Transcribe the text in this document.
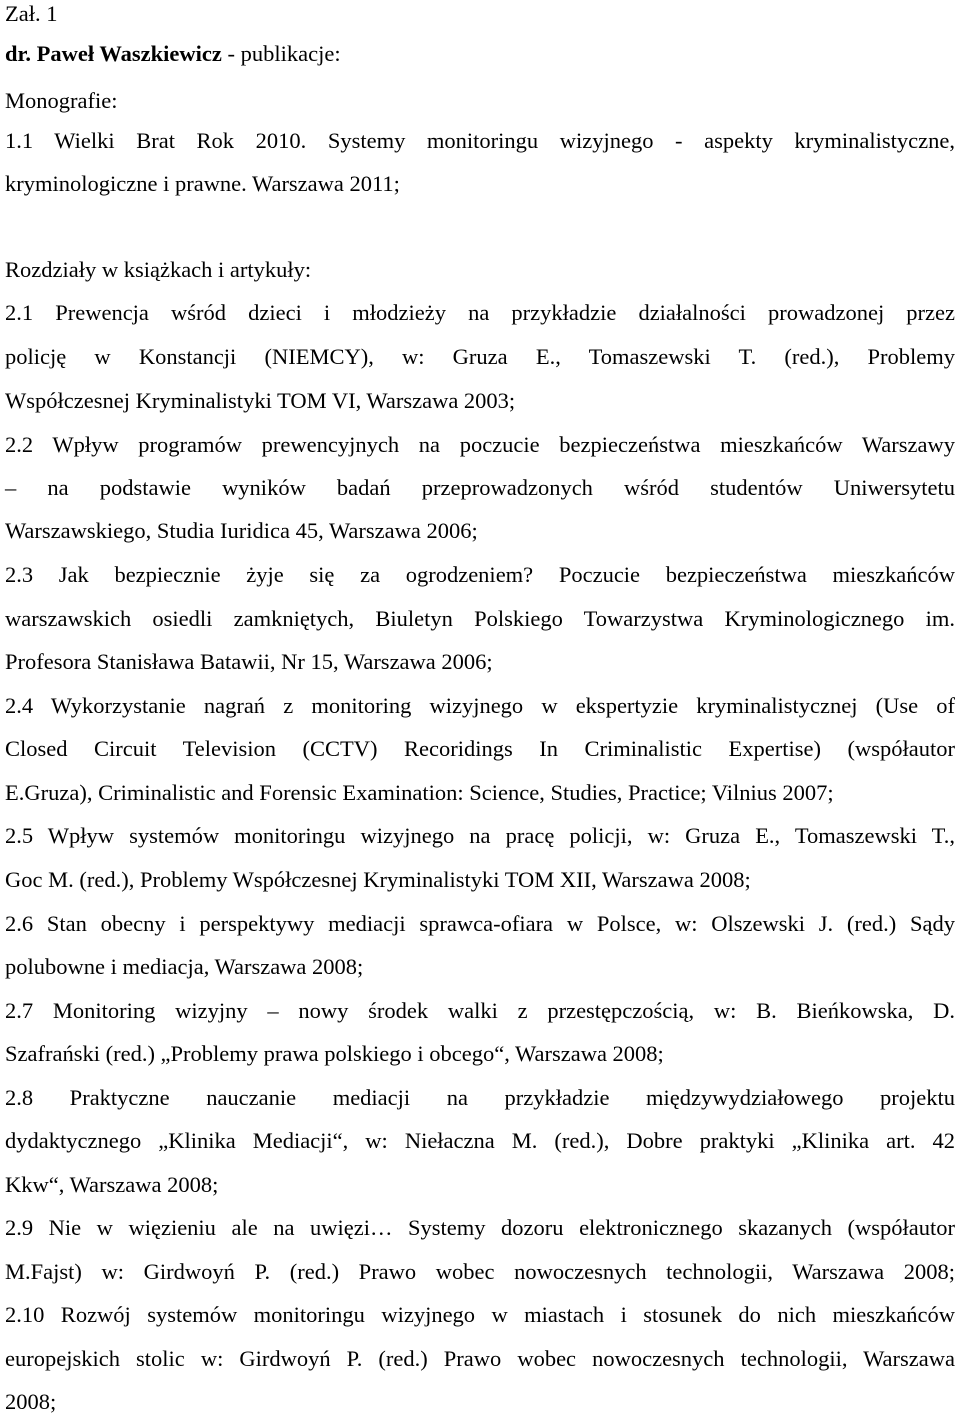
Zał. 1
dr. Paweł Waszkiewicz - publikacje:
Monografie:
1.1 Wielki Brat Rok 2010. Systemy monitoringu wizyjnego - aspekty kryminalistyczne,
kryminologiczne i prawne. Warszawa 2011;
Rozdziały w książkach i artykuły:
2.1 Prewencja wśród dzieci i młodzieży na przykładzie działalności prowadzonej przez
policję w Konstancji (NIEMCY), w: Gruza E., Tomaszewski T. (red.), Problemy
Współczesnej Kryminalistyki TOM VI, Warszawa 2003;
2.2 Wpływ programów prewencyjnych na poczucie bezpieczeństwa mieszkańców Warszawy
– na podstawie wyników badań przeprowadzonych wśród studentów Uniwersytetu
Warszawskiego, Studia Iuridica 45, Warszawa 2006;
2.3 Jak bezpiecznie żyje się za ogrodzeniem? Poczucie bezpieczeństwa mieszkańców
warszawskich osiedli zamkniętych, Biuletyn Polskiego Towarzystwa Kryminologicznego im.
Profesora Stanisława Batawii, Nr 15, Warszawa 2006;
2.4 Wykorzystanie nagrań z monitoring wizyjnego w ekspertyzie kryminalistycznej (Use of
Closed Circuit Television (CCTV) Recoridings In Criminalistic Expertise) (współautor
E.Gruza), Criminalistic and Forensic Examination: Science, Studies, Practice; Vilnius 2007;
2.5 Wpływ systemów monitoringu wizyjnego na pracę policji, w: Gruza E., Tomaszewski T.,
Goc M. (red.), Problemy Współczesnej Kryminalistyki TOM XII, Warszawa 2008;
2.6 Stan obecny i perspektywy mediacji sprawca-ofiara w Polsce, w: Olszewski J. (red.) Sądy
polubowne i mediacja, Warszawa 2008;
2.7 Monitoring wizyjny – nowy środek walki z przestępczością, w: B. Bieńkowska, D.
Szafrański (red.) „Problemy prawa polskiego i obcego“, Warszawa 2008;
2.8 Praktyczne nauczanie mediacji na przykładzie międzywydziałowego projektu
dydaktycznego „Klinika Mediacji“, w: Niełaczna M. (red.), Dobre praktyki „Klinika art. 42
Kkw“, Warszawa 2008;
2.9 Nie w więzieniu ale na uwięzi… Systemy dozoru elektronicznego skazanych (współautor
M.Fajst) w: Girdwoyń P. (red.) Prawo wobec nowoczesnych technologii, Warszawa 2008;
2.10 Rozwój systemów monitoringu wizyjnego w miastach i stosunek do nich mieszkańców
europejskich stolic w: Girdwoyń P. (red.) Prawo wobec nowoczesnych technologii, Warszawa
2008;
